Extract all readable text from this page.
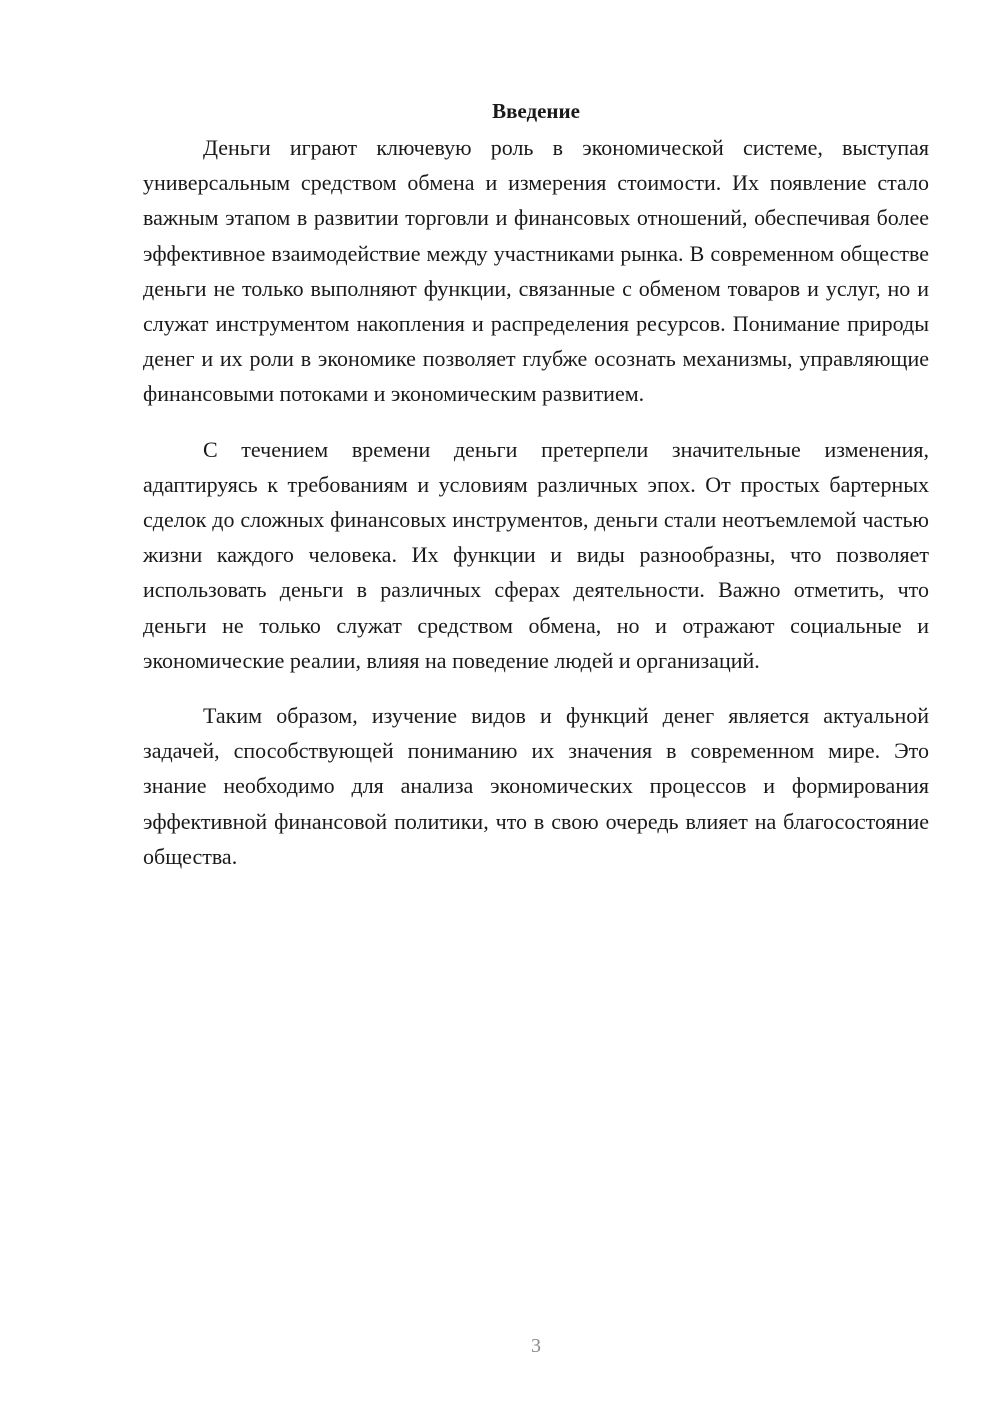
Введение

Деньги играют ключевую роль в экономической системе, выступая универсальным средством обмена и измерения стоимости. Их появление стало важным этапом в развитии торговли и финансовых отношений, обеспечивая более эффективное взаимодействие между участниками рынка. В современном обществе деньги не только выполняют функции, связанные с обменом товаров и услуг, но и служат инструментом накопления и распределения ресурсов. Понимание природы денег и их роли в экономике позволяет глубже осознать механизмы, управляющие финансовыми потоками и экономическим развитием.

С течением времени деньги претерпели значительные изменения, адаптируясь к требованиям и условиям различных эпох. От простых бартерных сделок до сложных финансовых инструментов, деньги стали неотъемлемой частью жизни каждого человека. Их функции и виды разнообразны, что позволяет использовать деньги в различных сферах деятельности. Важно отметить, что деньги не только служат средством обмена, но и отражают социальные и экономические реалии, влияя на поведение людей и организаций.

Таким образом, изучение видов и функций денег является актуальной задачей, способствующей пониманию их значения в современном мире. Это знание необходимо для анализа экономических процессов и формирования эффективной финансовой политики, что в свою очередь влияет на благосостояние общества.

3
